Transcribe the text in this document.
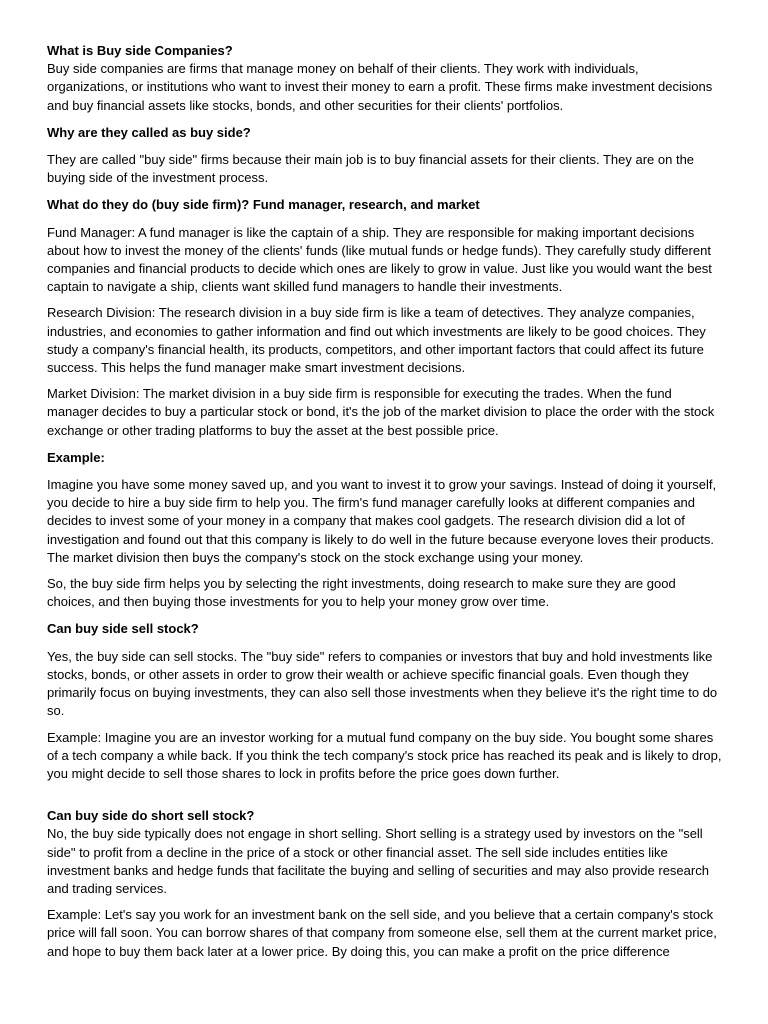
What is Buy side Companies?

Buy side companies are firms that manage money on behalf of their clients. They work with individuals, organizations, or institutions who want to invest their money to earn a profit. These firms make investment decisions and buy financial assets like stocks, bonds, and other securities for their clients' portfolios.

Why are they called as buy side?

They are called "buy side" firms because their main job is to buy financial assets for their clients. They are on the buying side of the investment process.

What do they do (buy side firm)? Fund manager, research, and market

Fund Manager: A fund manager is like the captain of a ship. They are responsible for making important decisions about how to invest the money of the clients' funds (like mutual funds or hedge funds). They carefully study different companies and financial products to decide which ones are likely to grow in value. Just like you would want the best captain to navigate a ship, clients want skilled fund managers to handle their investments.

Research Division: The research division in a buy side firm is like a team of detectives. They analyze companies, industries, and economies to gather information and find out which investments are likely to be good choices. They study a company's financial health, its products, competitors, and other important factors that could affect its future success. This helps the fund manager make smart investment decisions.

Market Division: The market division in a buy side firm is responsible for executing the trades. When the fund manager decides to buy a particular stock or bond, it's the job of the market division to place the order with the stock exchange or other trading platforms to buy the asset at the best possible price.

Example:

Imagine you have some money saved up, and you want to invest it to grow your savings. Instead of doing it yourself, you decide to hire a buy side firm to help you. The firm's fund manager carefully looks at different companies and decides to invest some of your money in a company that makes cool gadgets. The research division did a lot of investigation and found out that this company is likely to do well in the future because everyone loves their products. The market division then buys the company's stock on the stock exchange using your money.

So, the buy side firm helps you by selecting the right investments, doing research to make sure they are good choices, and then buying those investments for you to help your money grow over time.

Can buy side sell stock?

Yes, the buy side can sell stocks. The "buy side" refers to companies or investors that buy and hold investments like stocks, bonds, or other assets in order to grow their wealth or achieve specific financial goals. Even though they primarily focus on buying investments, they can also sell those investments when they believe it's the right time to do so.

Example: Imagine you are an investor working for a mutual fund company on the buy side. You bought some shares of a tech company a while back. If you think the tech company's stock price has reached its peak and is likely to drop, you might decide to sell those shares to lock in profits before the price goes down further.

Can buy side do short sell stock?

No, the buy side typically does not engage in short selling. Short selling is a strategy used by investors on the "sell side" to profit from a decline in the price of a stock or other financial asset. The sell side includes entities like investment banks and hedge funds that facilitate the buying and selling of securities and may also provide research and trading services.

Example: Let's say you work for an investment bank on the sell side, and you believe that a certain company's stock price will fall soon. You can borrow shares of that company from someone else, sell them at the current market price, and hope to buy them back later at a lower price. By doing this, you can make a profit on the price difference
